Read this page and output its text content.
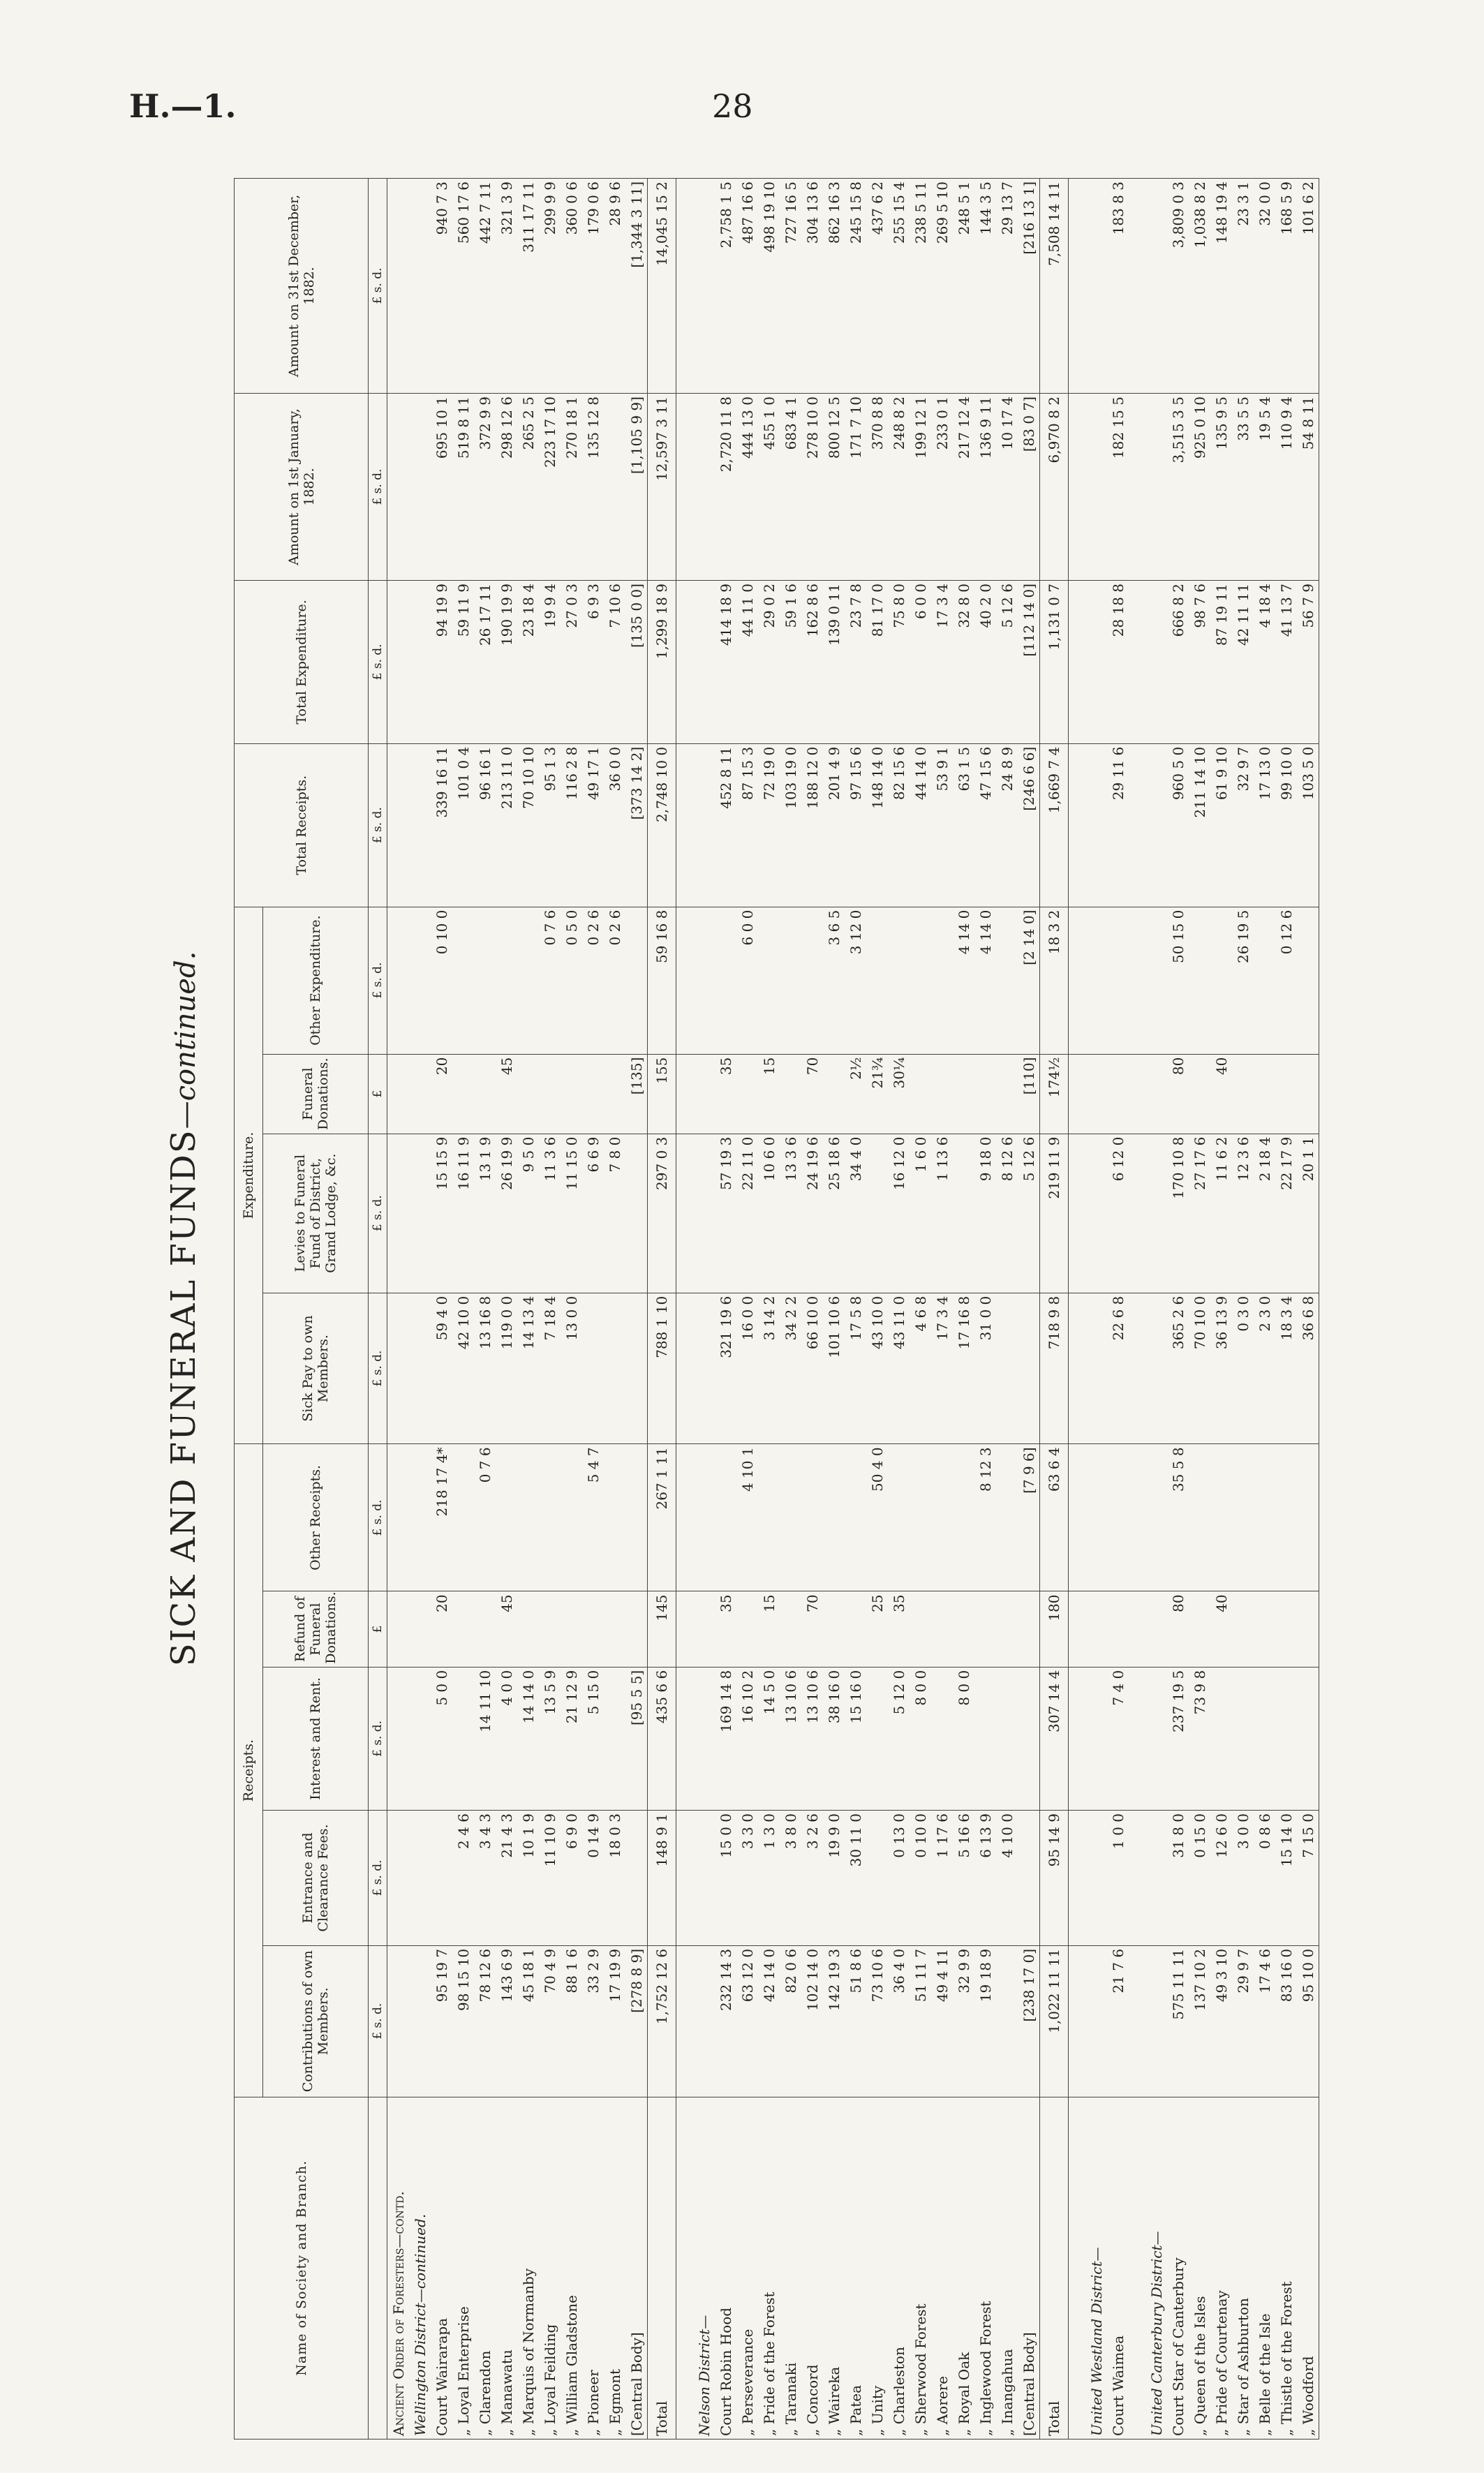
H.—1.	28
SICK AND FUNERAL FUNDS—continued.
Name of Society and Branch.	Receipts.					Expenditure.				Total Receipts.	Total Expenditure.	Amount on 1st January, 1882.	Amount on 31st December, 1882.
	Contributions of own Members.	Entrance and Clearance Fees.	Interest and Rent.	Refund of Funeral Donations.	Other Receipts.	Sick Pay to own Members.	Levies to Funeral Fund of District, Grand Lodge, &c.	Funeral Donations.	Other Expenditure.				
	£ s. d.	£ s. d.	£ s. d.	£	£ s. d.	£ s. d.	£ s. d.	£	£ s. d.	£ s. d.	£ s. d.	£ s. d.	£ s. d.
Ancient Order of Foresters—contd.													
Wellington District—continued.													
Court Wairarapa	95 19 7		5 0 0	20	218 17 4*	59 4 0	15 15 9	20	0 10 0	339 16 11	94 19 9	695 10 1	940 7 3
„ Loyal Enterprise	98 15 10	2 4 6				42 10 0	16 11 9			101 0 4	59 11 9	519 8 11	560 17 6
„ Clarendon	78 12 6	3 4 3	14 11 10		0 7 6	13 16 8	13 1 9			96 16 1	26 17 11	372 9 9	442 7 11
„ Manawatu	143 6 9	21 4 3	4 0 0	45		119 0 0	26 19 9	45		213 11 0	190 19 9	298 12 6	321 3 9
„ Marquis of Normanby	45 18 1	10 1 9	14 14 0			14 13 4	9 5 0			70 10 10	23 18 4	265 2 5	311 17 11
„ Loyal Feilding	70 4 9	11 10 9	13 5 9			7 18 4	11 3 6		0 7 6	95 1 3	19 9 4	223 17 10	299 9 9
„ William Gladstone	88 1 6	6 9 0	21 12 9			13 0 0	11 15 0		0 5 0	116 2 8	27 0 3	270 18 1	360 0 6
„ Pioneer	33 2 9	0 14 9	5 15 0		5 4 7		6 6 9		0 2 6	49 17 1	6 9 3	135 12 8	179 0 6
„ Egmont	17 19 9	18 0 3					7 8 0		0 2 6	36 0 0	7 10 6		28 9 6
[Central Body]	[278 8 9]		[95 5 5]					[135]		[373 14 2]	[135 0 0]	[1,105 9 9]	[1,344 3 11]
Total	1,752 12 6	148 9 1	435 6 6	145	267 1 11	788 1 10	297 0 3	155	59 16 8	2,748 10 0	1,299 18 9	12,597 3 11	14,045 15 2

Nelson District—													
Court Robin Hood	232 14 3	15 0 0	169 14 8	35		321 19 6	57 19 3	35		452 8 11	414 18 9	2,720 11 8	2,758 1 5
„ Perseverance	63 12 0	3 3 0	16 10 2		4 10 1	16 0 0	22 11 0		6 0 0	87 15 3	44 11 0	444 13 0	487 16 6
„ Pride of the Forest	42 14 0	1 3 0	14 5 0	15		3 14 2	10 6 0	15		72 19 0	29 0 2	455 1 0	498 19 10
„ Taranaki	82 0 6	3 8 0	13 10 6			34 2 2	13 3 6			103 19 0	59 1 6	683 4 1	727 16 5
„ Concord	102 14 0	3 2 6	13 10 6	70		66 10 0	24 19 6	70		188 12 0	162 8 6	278 10 0	304 13 6
„ Waireka	142 19 3	19 9 0	38 16 0			101 10 6	25 18 6		3 6 5	201 4 9	139 0 11	800 12 5	862 16 3
„ Patea	51 8 6	30 11 0	15 16 0			17 5 8	34 4 0	2½	3 12 0	97 15 6	23 7 8	171 7 10	245 15 8
„ Unity	73 10 6			25	50 4 0	43 10 0		21¾		148 14 0	81 17 0	370 8 8	437 6 2
„ Charleston	36 4 0	0 13 0	5 12 0	35		43 11 0	16 12 0	30¼		82 15 6	75 8 0	248 8 2	255 15 4
„ Sherwood Forest	51 11 7	0 10 0	8 0 0			4 6 8	1 6 0			44 14 0	6 0 0	199 12 1	238 5 11
„ Aorere	49 4 11	1 17 6				17 3 4	1 13 6			53 9 1	17 3 4	233 0 1	269 5 10
„ Royal Oak	32 9 9	5 16 6	8 0 0			17 16 8			4 14 0	63 1 5	32 8 0	217 12 4	248 5 1
„ Inglewood Forest	19 18 9	6 13 9			8 12 3	31 0 0	9 18 0		4 14 0	47 15 6	40 2 0	136 9 11	144 3 5
„ Inangahua		4 10 0					8 12 6			24 8 9	5 12 6	10 17 4	29 13 7
[Central Body]	[238 17 0]				[7 9 6]		5 12 6	[110]	[2 14 0]	[246 6 6]	[112 14 0]	[83 0 7]	[216 13 1]
Total	1,022 11 11	95 14 9	307 14 4	180	63 6 4	718 9 8	219 11 9	174½	18 3 2	1,669 7 4	1,131 0 7	6,970 8 2	7,508 14 11

United Westland District—													
Court Waimea	21 7 6	1 0 0	7 4 0			22 6 8	6 12 0			29 11 6	28 18 8	182 15 5	183 8 3

United Canterbury District—													
Court Star of Canterbury	575 11 11	31 8 0	237 19 5	80	35 5 8	365 2 6	170 10 8	80	50 15 0	960 5 0	666 8 2	3,515 3 5	3,809 0 3
„ Queen of the Isles	137 10 2	0 15 0	73 9 8			70 10 0	27 17 6			211 14 10	98 7 6	925 0 10	1,038 8 2
„ Pride of Courtenay	49 3 10	12 6 0		40		36 13 9	11 6 2	40		61 9 10	87 19 11	135 9 5	148 19 4
„ Star of Ashburton	29 9 7	3 0 0				0 3 0	12 3 6		26 19 5	32 9 7	42 11 11	33 5 5	23 3 1
„ Belle of the Isle	17 4 6	0 8 6				2 3 0	2 18 4			17 13 0	4 18 4	19 5 4	32 0 0
„ Thistle of the Forest	83 16 0	15 14 0				18 3 4	22 17 9		0 12 6	99 10 0	41 13 7	110 9 4	168 5 9
„ Woodford	95 10 0	7 15 0				36 6 8	20 1 1			103 5 0	56 7 9	54 8 11	101 6 2
